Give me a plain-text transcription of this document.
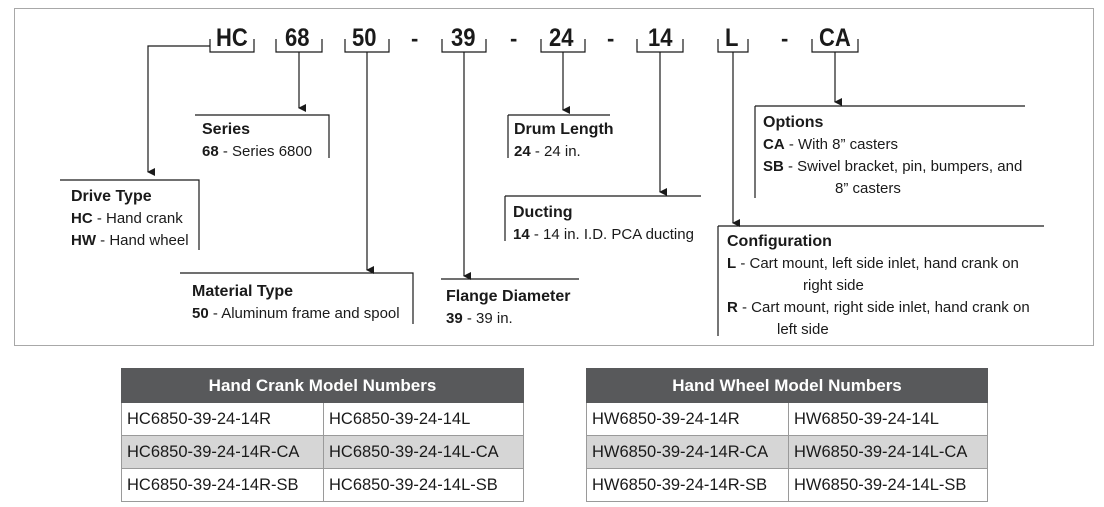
HC 68 50 - 39 - 24 - 14 L - CA
Drive Type
HC - Hand crank
HW - Hand wheel
Series
68 - Series 6800
Material Type
50 - Aluminum frame and spool
Flange Diameter
39 - 39 in.
Drum Length
24 - 24 in.
Ducting
14 - 14 in. I.D. PCA ducting
Options
CA - With 8” casters
SB - Swivel bracket, pin, bumpers, and
8” casters
Configuration
L - Cart mount, left side inlet, hand crank on
right side
R - Cart mount, right side inlet, hand crank on
left side
Hand Crank Model Numbers	
HC6850-39-24-14R	HC6850-39-24-14L
HC6850-39-24-14R-CA	HC6850-39-24-14L-CA
HC6850-39-24-14R-SB	HC6850-39-24-14L-SB
Hand Wheel Model Numbers	
HW6850-39-24-14R	HW6850-39-24-14L
HW6850-39-24-14R-CA	HW6850-39-24-14L-CA
HW6850-39-24-14R-SB	HW6850-39-24-14L-SB
